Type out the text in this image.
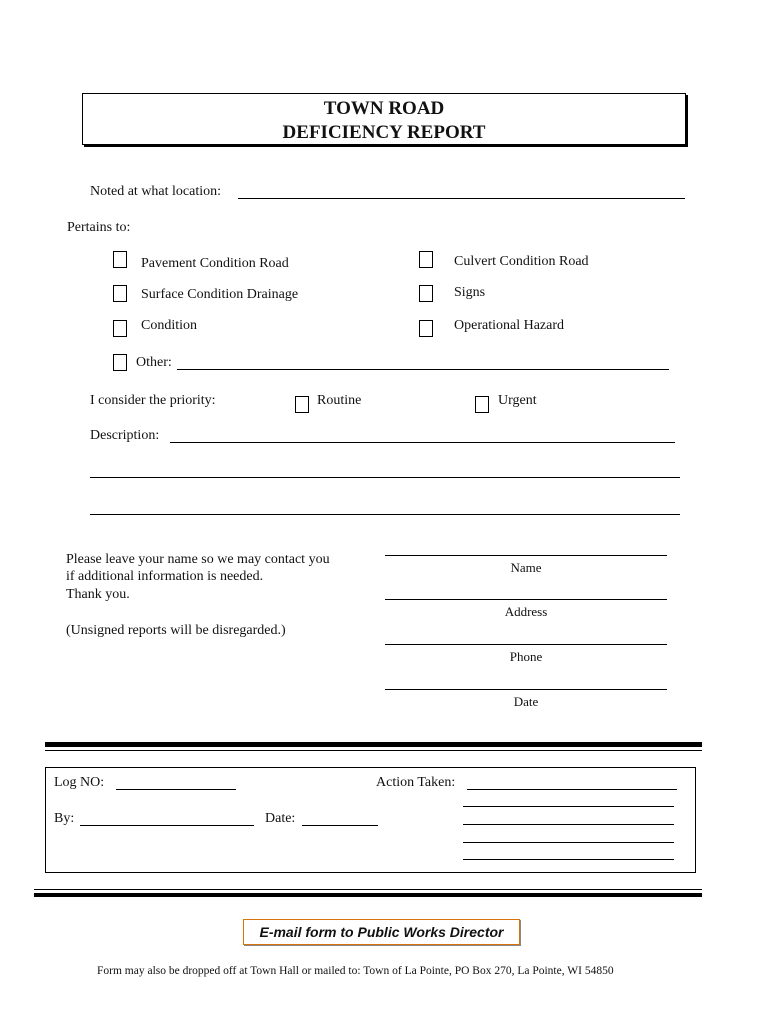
TOWN ROAD
DEFICIENCY REPORT
Noted at what location:
Pertains to:
Pavement Condition Road	Culvert Condition Road
Surface Condition Drainage	Signs
Condition	Operational Hazard
Other:
I consider the priority:	Routine	Urgent
Description:
Please leave your name so we may contact you
if additional information is needed.
Thank you.
(Unsigned reports will be disregarded.)
Name
Address
Phone
Date
Log NO:	Action Taken:
By:	Date:
E-mail form to Public Works Director
Form may also be dropped off at Town Hall or mailed to: Town of La Pointe, PO Box 270, La Pointe, WI 54850
